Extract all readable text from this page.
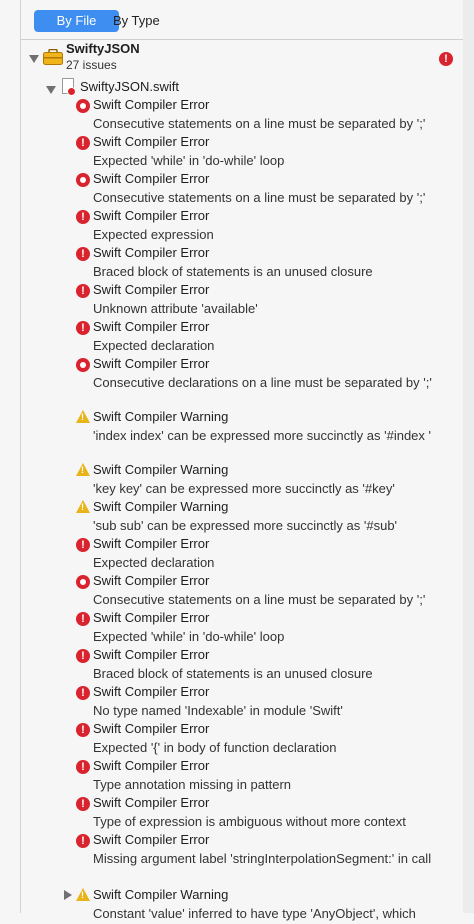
By File	By Type
SwiftyJSON
27 issues	!
SwiftyJSON.swift
Swift Compiler Error
Consecutive statements on a line must be separated by ';'
! Swift Compiler Error
Expected 'while' in 'do-while' loop
Swift Compiler Error
Consecutive statements on a line must be separated by ';'
! Swift Compiler Error
Expected expression
! Swift Compiler Error
Braced block of statements is an unused closure
! Swift Compiler Error
Unknown attribute 'available'
! Swift Compiler Error
Expected declaration
Swift Compiler Error
Consecutive declarations on a line must be separated by ';'
!
Swift Compiler Warning
'index index' can be expressed more succinctly as '#index '
!
Swift Compiler Warning
'key key' can be expressed more succinctly as '#key'
!
Swift Compiler Warning
'sub sub' can be expressed more succinctly as '#sub'
! Swift Compiler Error
Expected declaration
Swift Compiler Error
Consecutive statements on a line must be separated by ';'
! Swift Compiler Error
Expected 'while' in 'do-while' loop
! Swift Compiler Error
Braced block of statements is an unused closure
! Swift Compiler Error
No type named 'Indexable' in module 'Swift'
! Swift Compiler Error
Expected '{' in body of function declaration
! Swift Compiler Error
Type annotation missing in pattern
! Swift Compiler Error
Type of expression is ambiguous without more context
! Swift Compiler Error
Missing argument label 'stringInterpolationSegment:' in call
!
Swift Compiler Warning
Constant 'value' inferred to have type 'AnyObject', which
